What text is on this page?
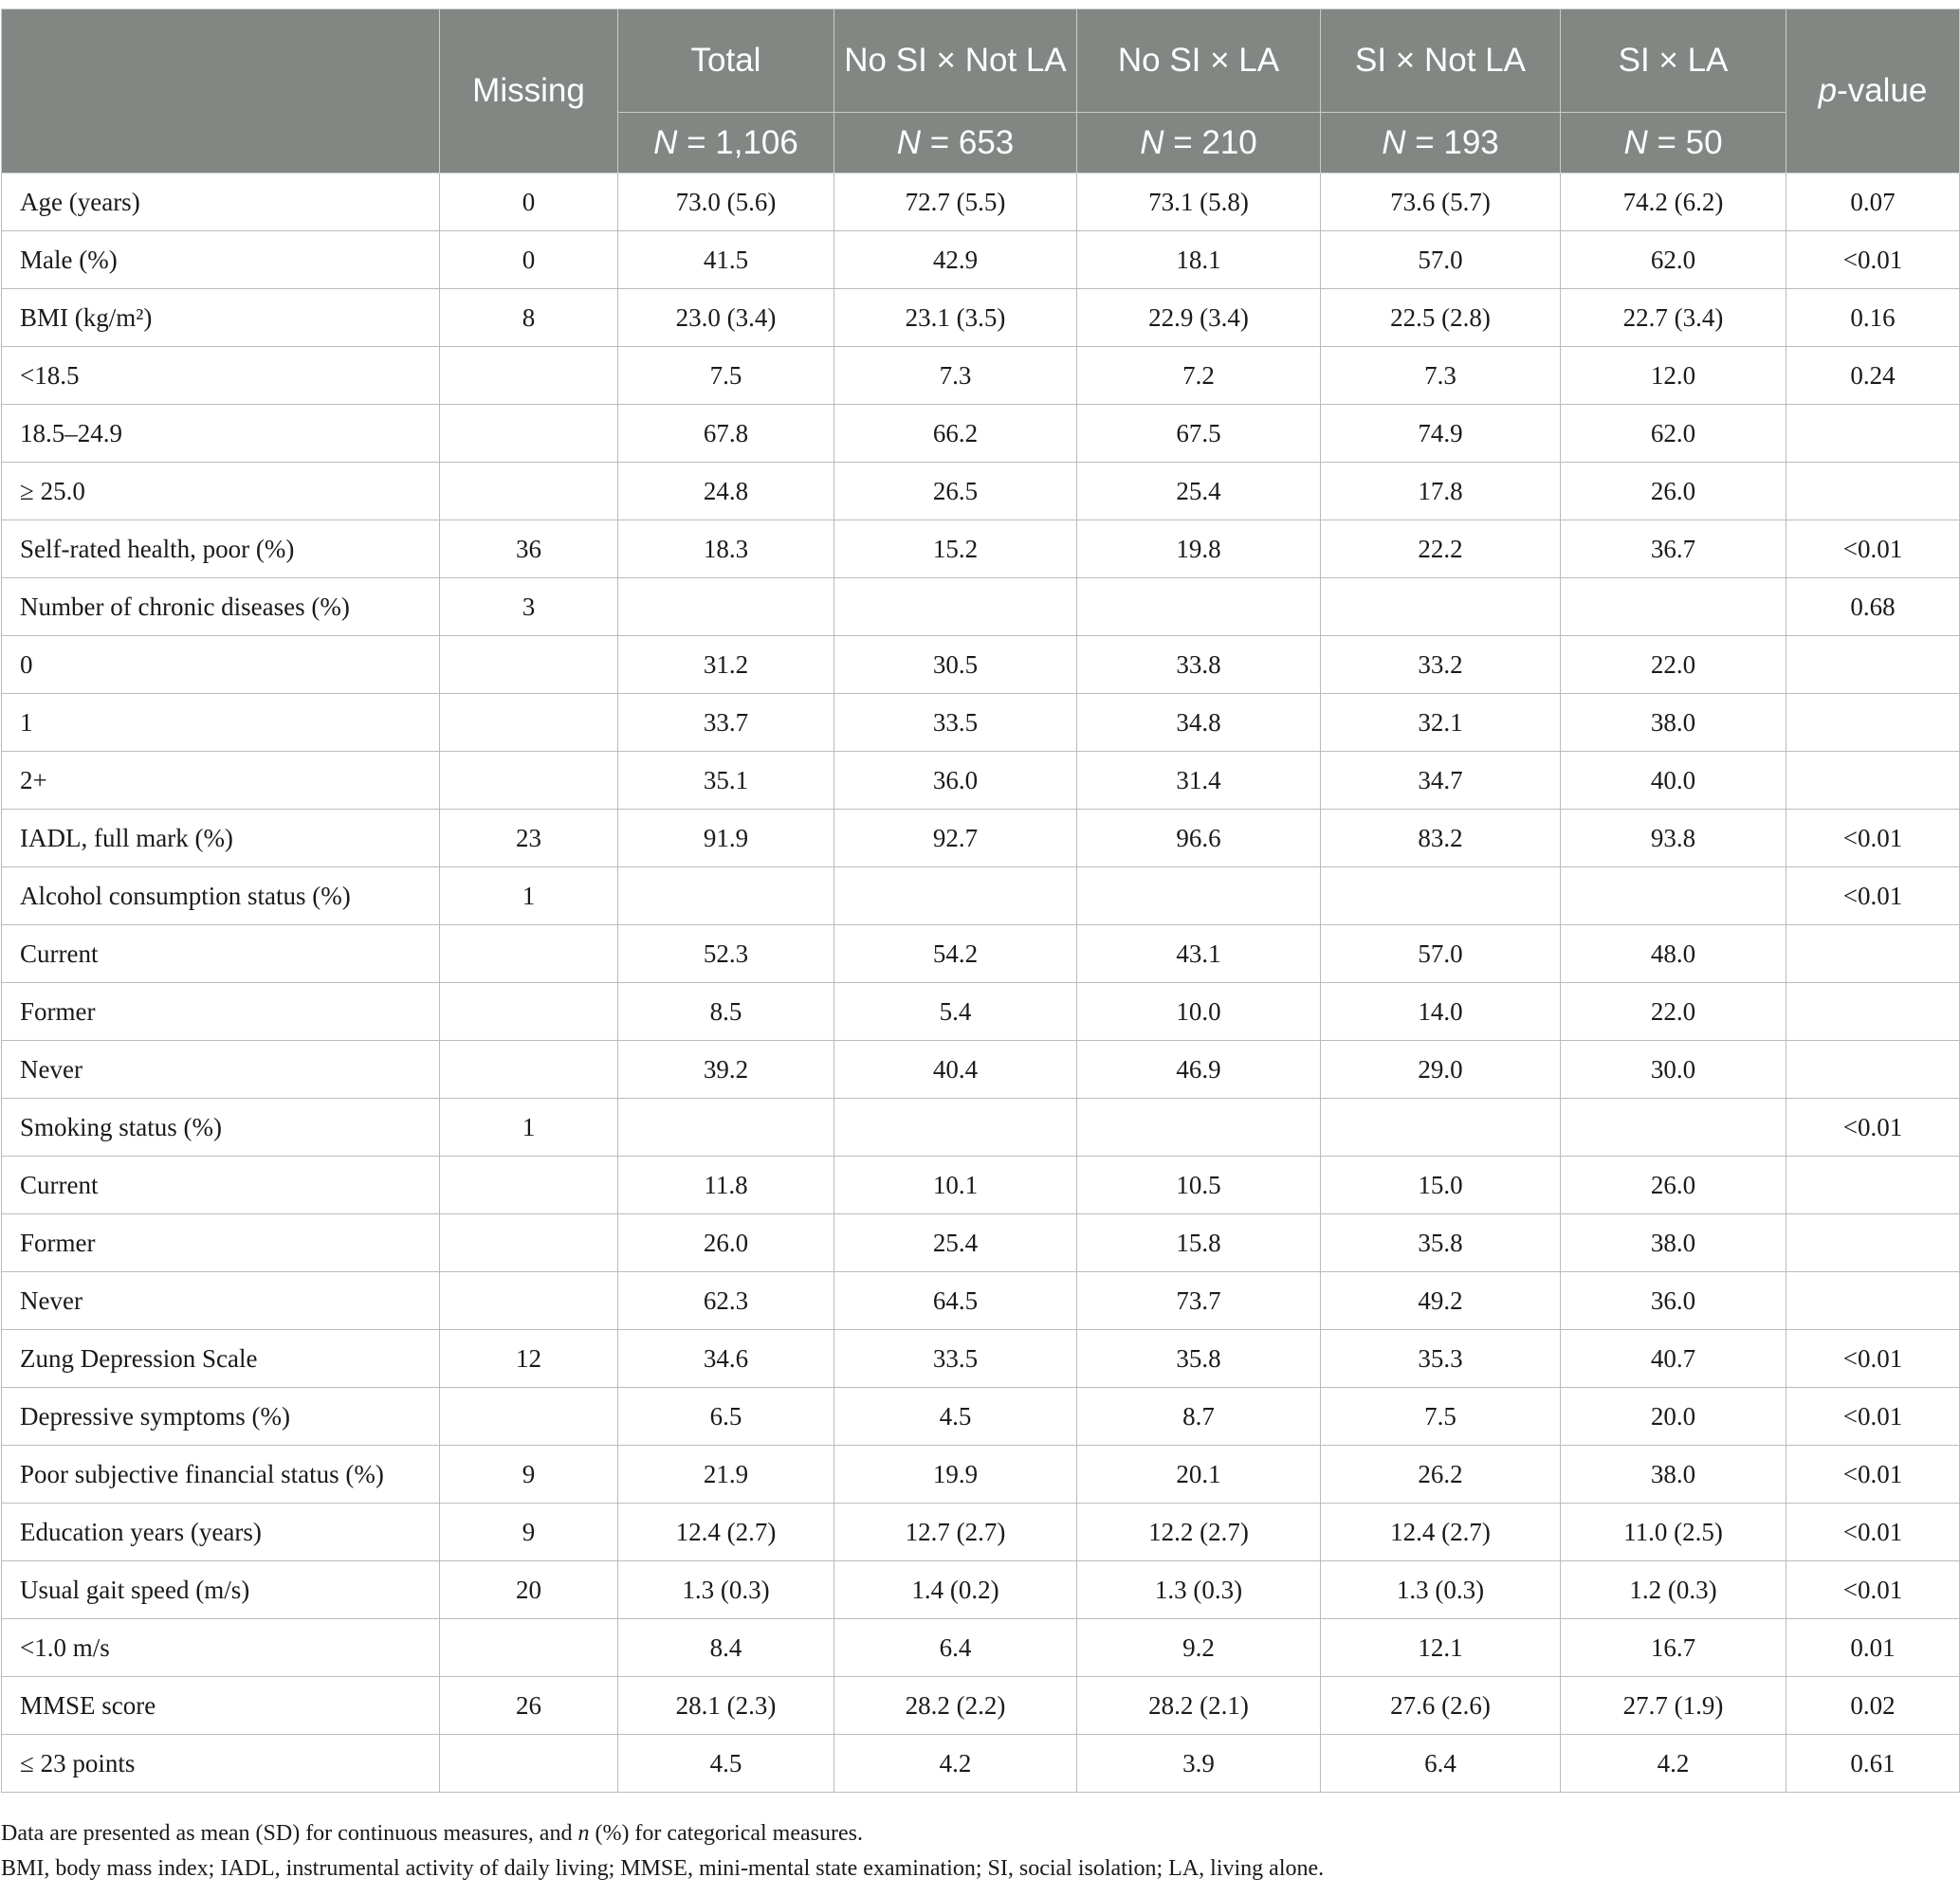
	Missing	Total	No SI × Not LA	No SI × LA	SI × Not LA	SI × LA	p-value
		N = 1,106	N = 653	N = 210	N = 193	N = 50	
Age (years)	0	73.0 (5.6)	72.7 (5.5)	73.1 (5.8)	73.6 (5.7)	74.2 (6.2)	0.07
Male (%)	0	41.5	42.9	18.1	57.0	62.0	<0.01
BMI (kg/m²)	8	23.0 (3.4)	23.1 (3.5)	22.9 (3.4)	22.5 (2.8)	22.7 (3.4)	0.16
<18.5		7.5	7.3	7.2	7.3	12.0	0.24
18.5–24.9		67.8	66.2	67.5	74.9	62.0	
≥ 25.0		24.8	26.5	25.4	17.8	26.0	
Self-rated health, poor (%)	36	18.3	15.2	19.8	22.2	36.7	<0.01
Number of chronic diseases (%)	3						0.68
0		31.2	30.5	33.8	33.2	22.0	
1		33.7	33.5	34.8	32.1	38.0	
2+		35.1	36.0	31.4	34.7	40.0	
IADL, full mark (%)	23	91.9	92.7	96.6	83.2	93.8	<0.01
Alcohol consumption status (%)	1						<0.01
Current		52.3	54.2	43.1	57.0	48.0	
Former		8.5	5.4	10.0	14.0	22.0	
Never		39.2	40.4	46.9	29.0	30.0	
Smoking status (%)	1						<0.01
Current		11.8	10.1	10.5	15.0	26.0	
Former		26.0	25.4	15.8	35.8	38.0	
Never		62.3	64.5	73.7	49.2	36.0	
Zung Depression Scale	12	34.6	33.5	35.8	35.3	40.7	<0.01
Depressive symptoms (%)		6.5	4.5	8.7	7.5	20.0	<0.01
Poor subjective financial status (%)	9	21.9	19.9	20.1	26.2	38.0	<0.01
Education years (years)	9	12.4 (2.7)	12.7 (2.7)	12.2 (2.7)	12.4 (2.7)	11.0 (2.5)	<0.01
Usual gait speed (m/s)	20	1.3 (0.3)	1.4 (0.2)	1.3 (0.3)	1.3 (0.3)	1.2 (0.3)	<0.01
<1.0 m/s		8.4	6.4	9.2	12.1	16.7	0.01
MMSE score	26	28.1 (2.3)	28.2 (2.2)	28.2 (2.1)	27.6 (2.6)	27.7 (1.9)	0.02
≤ 23 points		4.5	4.2	3.9	6.4	4.2	0.61

Data are presented as mean (SD) for continuous measures, and n (%) for categorical measures.

BMI, body mass index; IADL, instrumental activity of daily living; MMSE, mini-mental state examination; SI, social isolation; LA, living alone.
